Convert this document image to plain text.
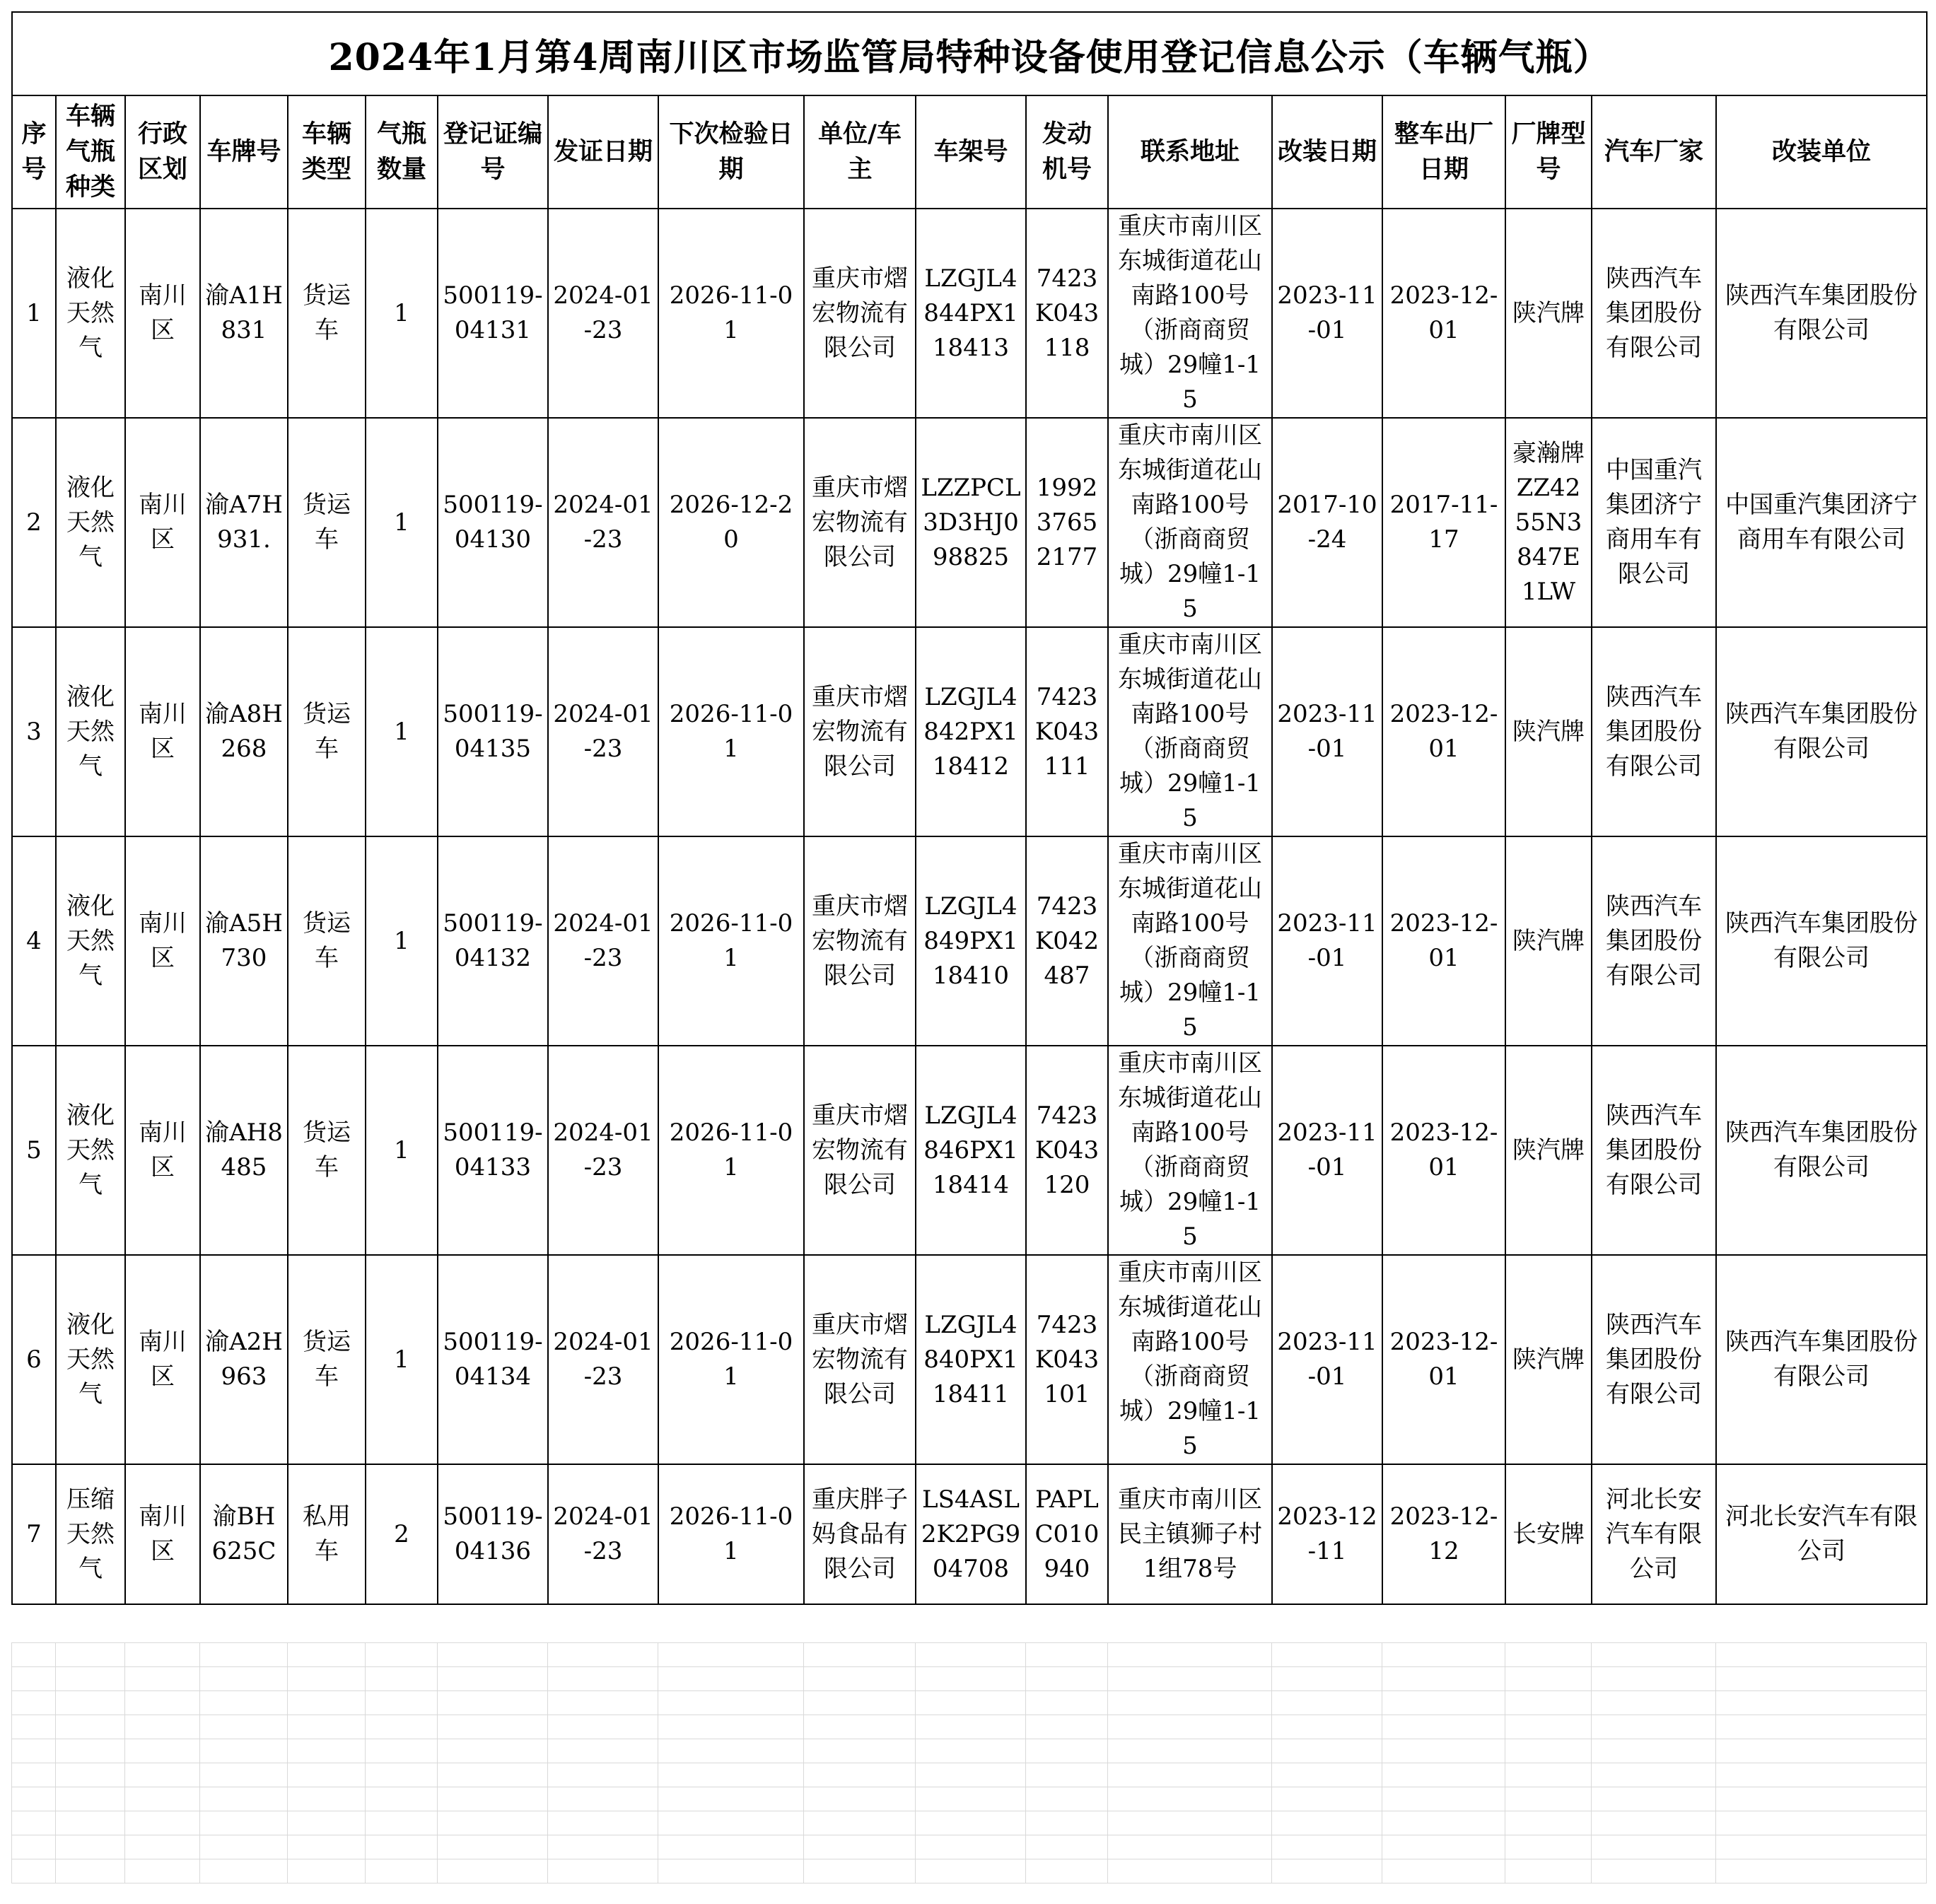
2024年1月第4周南川区市场监管局特种设备使用登记信息公示（车辆气瓶）																	
序号	车辆气瓶种类	行政区划	车牌号	车辆类型	气瓶数量	登记证编号	发证日期	下次检验日期	单位/车主	车架号	发动机号	联系地址	改装日期	整车出厂日期	厂牌型号	汽车厂家	改装单位
1	液化天然气	南川区	渝A1H831	货运车	1	500119-04131	2024-01-23	2026-11-01	重庆市熠宏物流有限公司	LZGJL4844PX118413	7423K043118	重庆市南川区东城街道花山南路100号（浙商商贸城）29幢1-15	2023-11-01	2023-12-01	陕汽牌	陕西汽车集团股份有限公司	陕西汽车集团股份有限公司
2	液化天然气	南川区	渝A7H931.	货运车	1	500119-04130	2024-01-23	2026-12-20	重庆市熠宏物流有限公司	LZZPCL3D3HJ098825	199237652177	重庆市南川区东城街道花山南路100号（浙商商贸城）29幢1-15	2017-10-24	2017-11-17	豪瀚牌ZZ4255N3847E1LW	中国重汽集团济宁商用车有限公司	中国重汽集团济宁商用车有限公司
3	液化天然气	南川区	渝A8H268	货运车	1	500119-04135	2024-01-23	2026-11-01	重庆市熠宏物流有限公司	LZGJL4842PX118412	7423K043111	重庆市南川区东城街道花山南路100号（浙商商贸城）29幢1-15	2023-11-01	2023-12-01	陕汽牌	陕西汽车集团股份有限公司	陕西汽车集团股份有限公司
4	液化天然气	南川区	渝A5H730	货运车	1	500119-04132	2024-01-23	2026-11-01	重庆市熠宏物流有限公司	LZGJL4849PX118410	7423K042487	重庆市南川区东城街道花山南路100号（浙商商贸城）29幢1-15	2023-11-01	2023-12-01	陕汽牌	陕西汽车集团股份有限公司	陕西汽车集团股份有限公司
5	液化天然气	南川区	渝AH8485	货运车	1	500119-04133	2024-01-23	2026-11-01	重庆市熠宏物流有限公司	LZGJL4846PX118414	7423K043120	重庆市南川区东城街道花山南路100号（浙商商贸城）29幢1-15	2023-11-01	2023-12-01	陕汽牌	陕西汽车集团股份有限公司	陕西汽车集团股份有限公司
6	液化天然气	南川区	渝A2H963	货运车	1	500119-04134	2024-01-23	2026-11-01	重庆市熠宏物流有限公司	LZGJL4840PX118411	7423K043101	重庆市南川区东城街道花山南路100号（浙商商贸城）29幢1-15	2023-11-01	2023-12-01	陕汽牌	陕西汽车集团股份有限公司	陕西汽车集团股份有限公司
7	压缩天然气	南川区	渝BH625C	私用车	2	500119-04136	2024-01-23	2026-11-01	重庆胖子妈食品有限公司	LS4ASL2K2PG904708	PAPLC010940	重庆市南川区民主镇狮子村1组78号	2023-12-11	2023-12-12	长安牌	河北长安汽车有限公司	河北长安汽车有限公司
